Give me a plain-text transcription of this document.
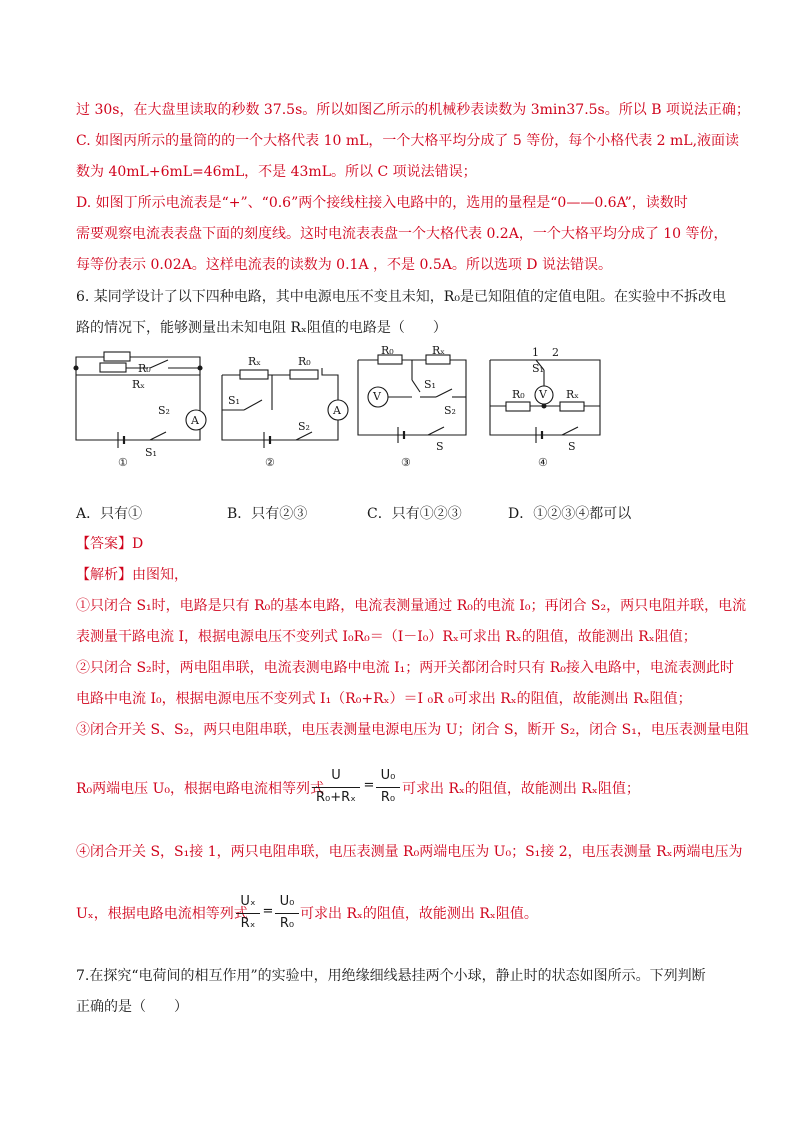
过 30s，在大盘里读取的秒数 37.5s。所以如图乙所示的机械秒表读数为 3min37.5s。所以 B 项说法正确；
C. 如图丙所示的量筒的的一个大格代表 10 mL，一个大格平均分成了 5 等份，每个小格代表 2 mL,液面读
数为 40mL+6mL=46mL，不是 43mL。所以 C 项说法错误；
D. 如图丁所示电流表是“+”、“0.6”两个接线柱接入电路中的，选用的量程是“0——0.6A”，读数时
需要观察电流表表盘下面的刻度线。这时电流表表盘一个大格代表 0.2A，一个大格平均分成了 10 等份，
每等份表示 0.02A。这样电流表的读数为 0.1A ，不是 0.5A。所以选项 D 说法错误。
6. 某同学设计了以下四种电路，其中电源电压不变且未知，R₀是已知阻值的定值电阻。在实验中不拆改电
路的情况下，能够测量出未知电阻 Rₓ阻值的电路是（　　）
R₀
Rₓ
S₂
S₁
A
①
Rₓ	R₀
S₁
S₂
A
②
R₀	Rₓ
S₁
S₂
S
V
③
1 2
S₁
R₀	Rₓ
V
S
④
A．只有①	B．只有②③	C．只有①②③	D．①②③④都可以
【答案】D
【解析】由图知，
①只闭合 S₁时，电路是只有 R₀的基本电路，电流表测量通过 R₀的电流 I₀；再闭合 S₂，两只电阻并联，电流
表测量干路电流 I，根据电源电压不变列式 I₀R₀＝（I－I₀）Rₓ可求出 Rₓ的阻值，故能测出 Rₓ阻值；
②只闭合 S₂时，两电阻串联，电流表测电路中电流 I₁；两开关都闭合时只有 R₀接入电路中，电流表测此时
电路中电流 I₀，根据电源电压不变列式 I₁（R₀+Rₓ）＝I ₀R ₀可求出 Rₓ的阻值，故能测出 Rₓ阻值；
③闭合开关 S、S₂，两只电阻串联，电压表测量电源电压为 U；闭合 S，断开 S₂，闭合 S₁，电压表测量电阻
R₀两端电压 U₀，根据电路电流相等列式
U
R₀+Rₓ
=
U₀
R₀
可求出 Rₓ的阻值，故能测出 Rₓ阻值；
④闭合开关 S，S₁接 1，两只电阻串联，电压表测量 R₀两端电压为 U₀；S₁接 2，电压表测量 Rₓ两端电压为
Uₓ，根据电路电流相等列式
Uₓ
Rₓ
=
U₀
R₀
可求出 Rₓ的阻值，故能测出 Rₓ阻值。
7.在探究“电荷间的相互作用”的实验中，用绝缘细线悬挂两个小球，静止时的状态如图所示。下列判断
正确的是（　　）
